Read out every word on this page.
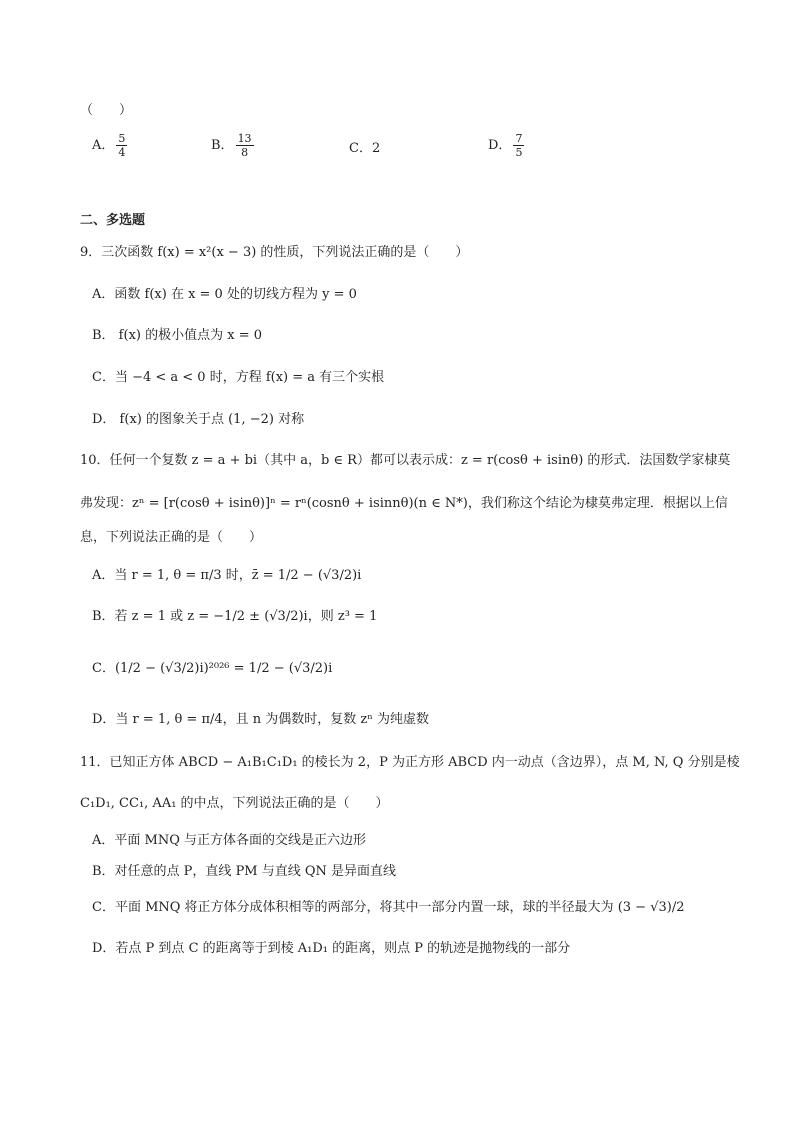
（　　）
A． $\frac{5}{4}$	B． $\frac{13}{8}$	C．2	D． $\frac{7}{5}$
二、多选题
9．三次函数 f(x) = x²(x − 3) 的性质，下列说法正确的是（　　）
A．函数 f(x) 在 x = 0 处的切线方程为 y = 0
B． f(x) 的极小值点为 x = 0
C．当 −4 < a < 0 时，方程 f(x) = a 有三个实根
D． f(x) 的图象关于点 (1, −2) 对称
10．任何一个复数 z = a + bi（其中 a，b ∈ R）都可以表示成：z = r(cosθ + isinθ) 的形式．法国数学家棣莫
弗发现：zⁿ = [r(cosθ + isinθ)]ⁿ = rⁿ(cosnθ + isinnθ)(n ∈ N*)，我们称这个结论为棣莫弗定理．根据以上信
息，下列说法正确的是（　　）
A．当 r = 1, θ = π/3 时，z̄ = 1/2 − (√3/2)i
B．若 z = 1 或 z = −1/2 ± (√3/2)i，则 z³ = 1
C．(1/2 − (√3/2)i)²⁰²⁶ = 1/2 − (√3/2)i
D．当 r = 1, θ = π/4，且 n 为偶数时，复数 zⁿ 为纯虚数
11．已知正方体 ABCD − A₁B₁C₁D₁ 的棱长为 2，P 为正方形 ABCD 内一动点（含边界），点 M, N, Q 分别是棱
C₁D₁, CC₁, AA₁ 的中点，下列说法正确的是（　　）
A．平面 MNQ 与正方体各面的交线是正六边形
B．对任意的点 P，直线 PM 与直线 QN 是异面直线
C．平面 MNQ 将正方体分成体积相等的两部分，将其中一部分内置一球，球的半径最大为 (3 − √3)/2
D．若点 P 到点 C 的距离等于到棱 A₁D₁ 的距离，则点 P 的轨迹是抛物线的一部分
